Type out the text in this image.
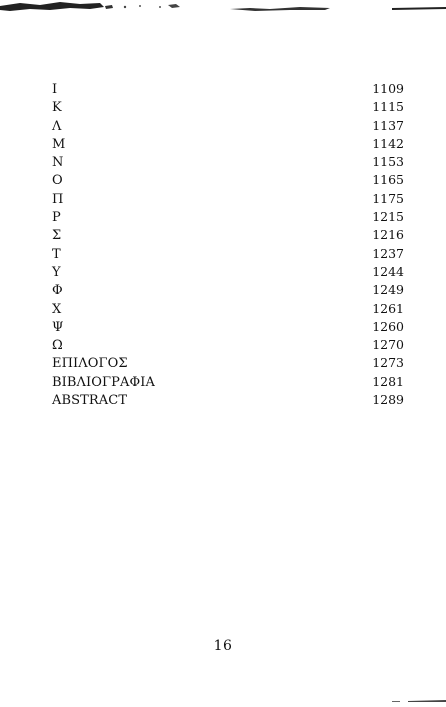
I	1109
K	1115
Λ	1137
M	1142
N	1153
O	1165
Π	1175
P	1215
Σ	1216
T	1237
Υ	1244
Φ	1249
X	1261
Ψ	1260
Ω	1270
ΕΠΙΛΟΓΟΣ	1273
ΒΙΒΛΙΟΓΡΑΦΙΑ	1281
ABSTRACT	1289
16
